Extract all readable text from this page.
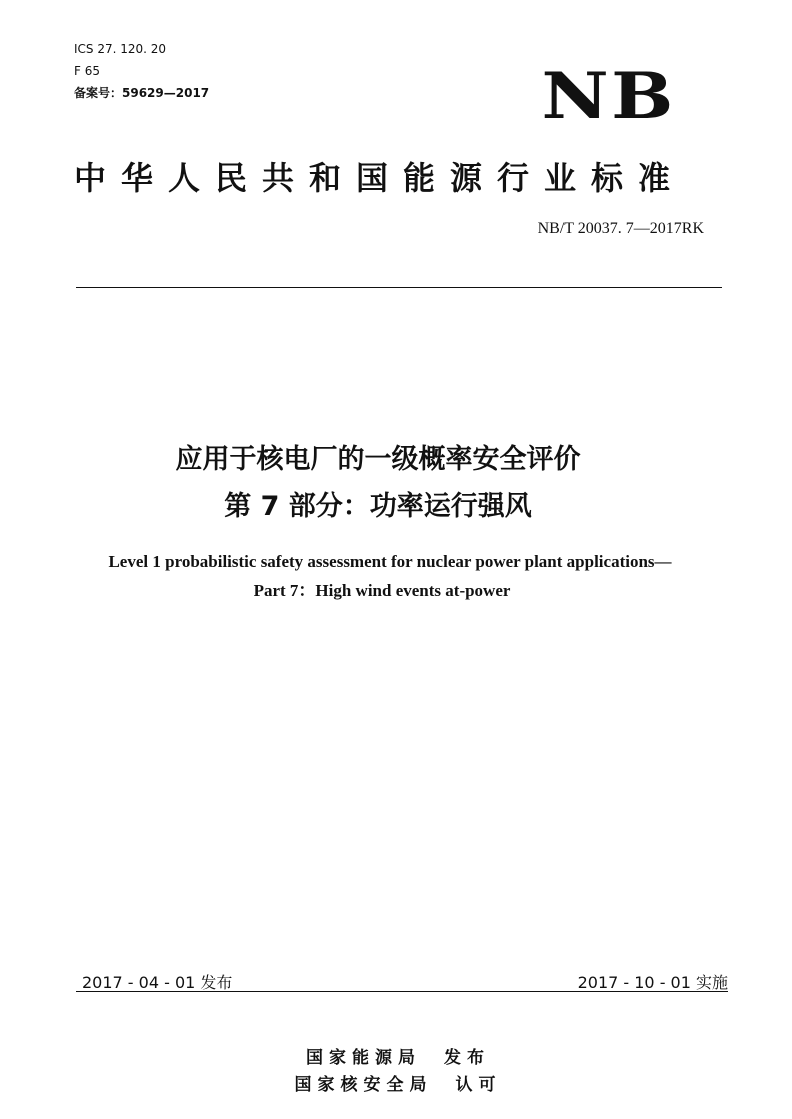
ICS 27. 120. 20
F 65
备案号：59629—2017	NB
中华人民共和国能源行业标准
NB/T 20037. 7—2017RK
应用于核电厂的一级概率安全评价
第 7 部分：功率运行强风
Level 1 probabilistic safety assessment for nuclear power plant applications—
Part 7：High wind events at-power
2017 - 04 - 01 发布	2017 - 10 - 01 实施
国家能源局　发布
国家核安全局　认可
